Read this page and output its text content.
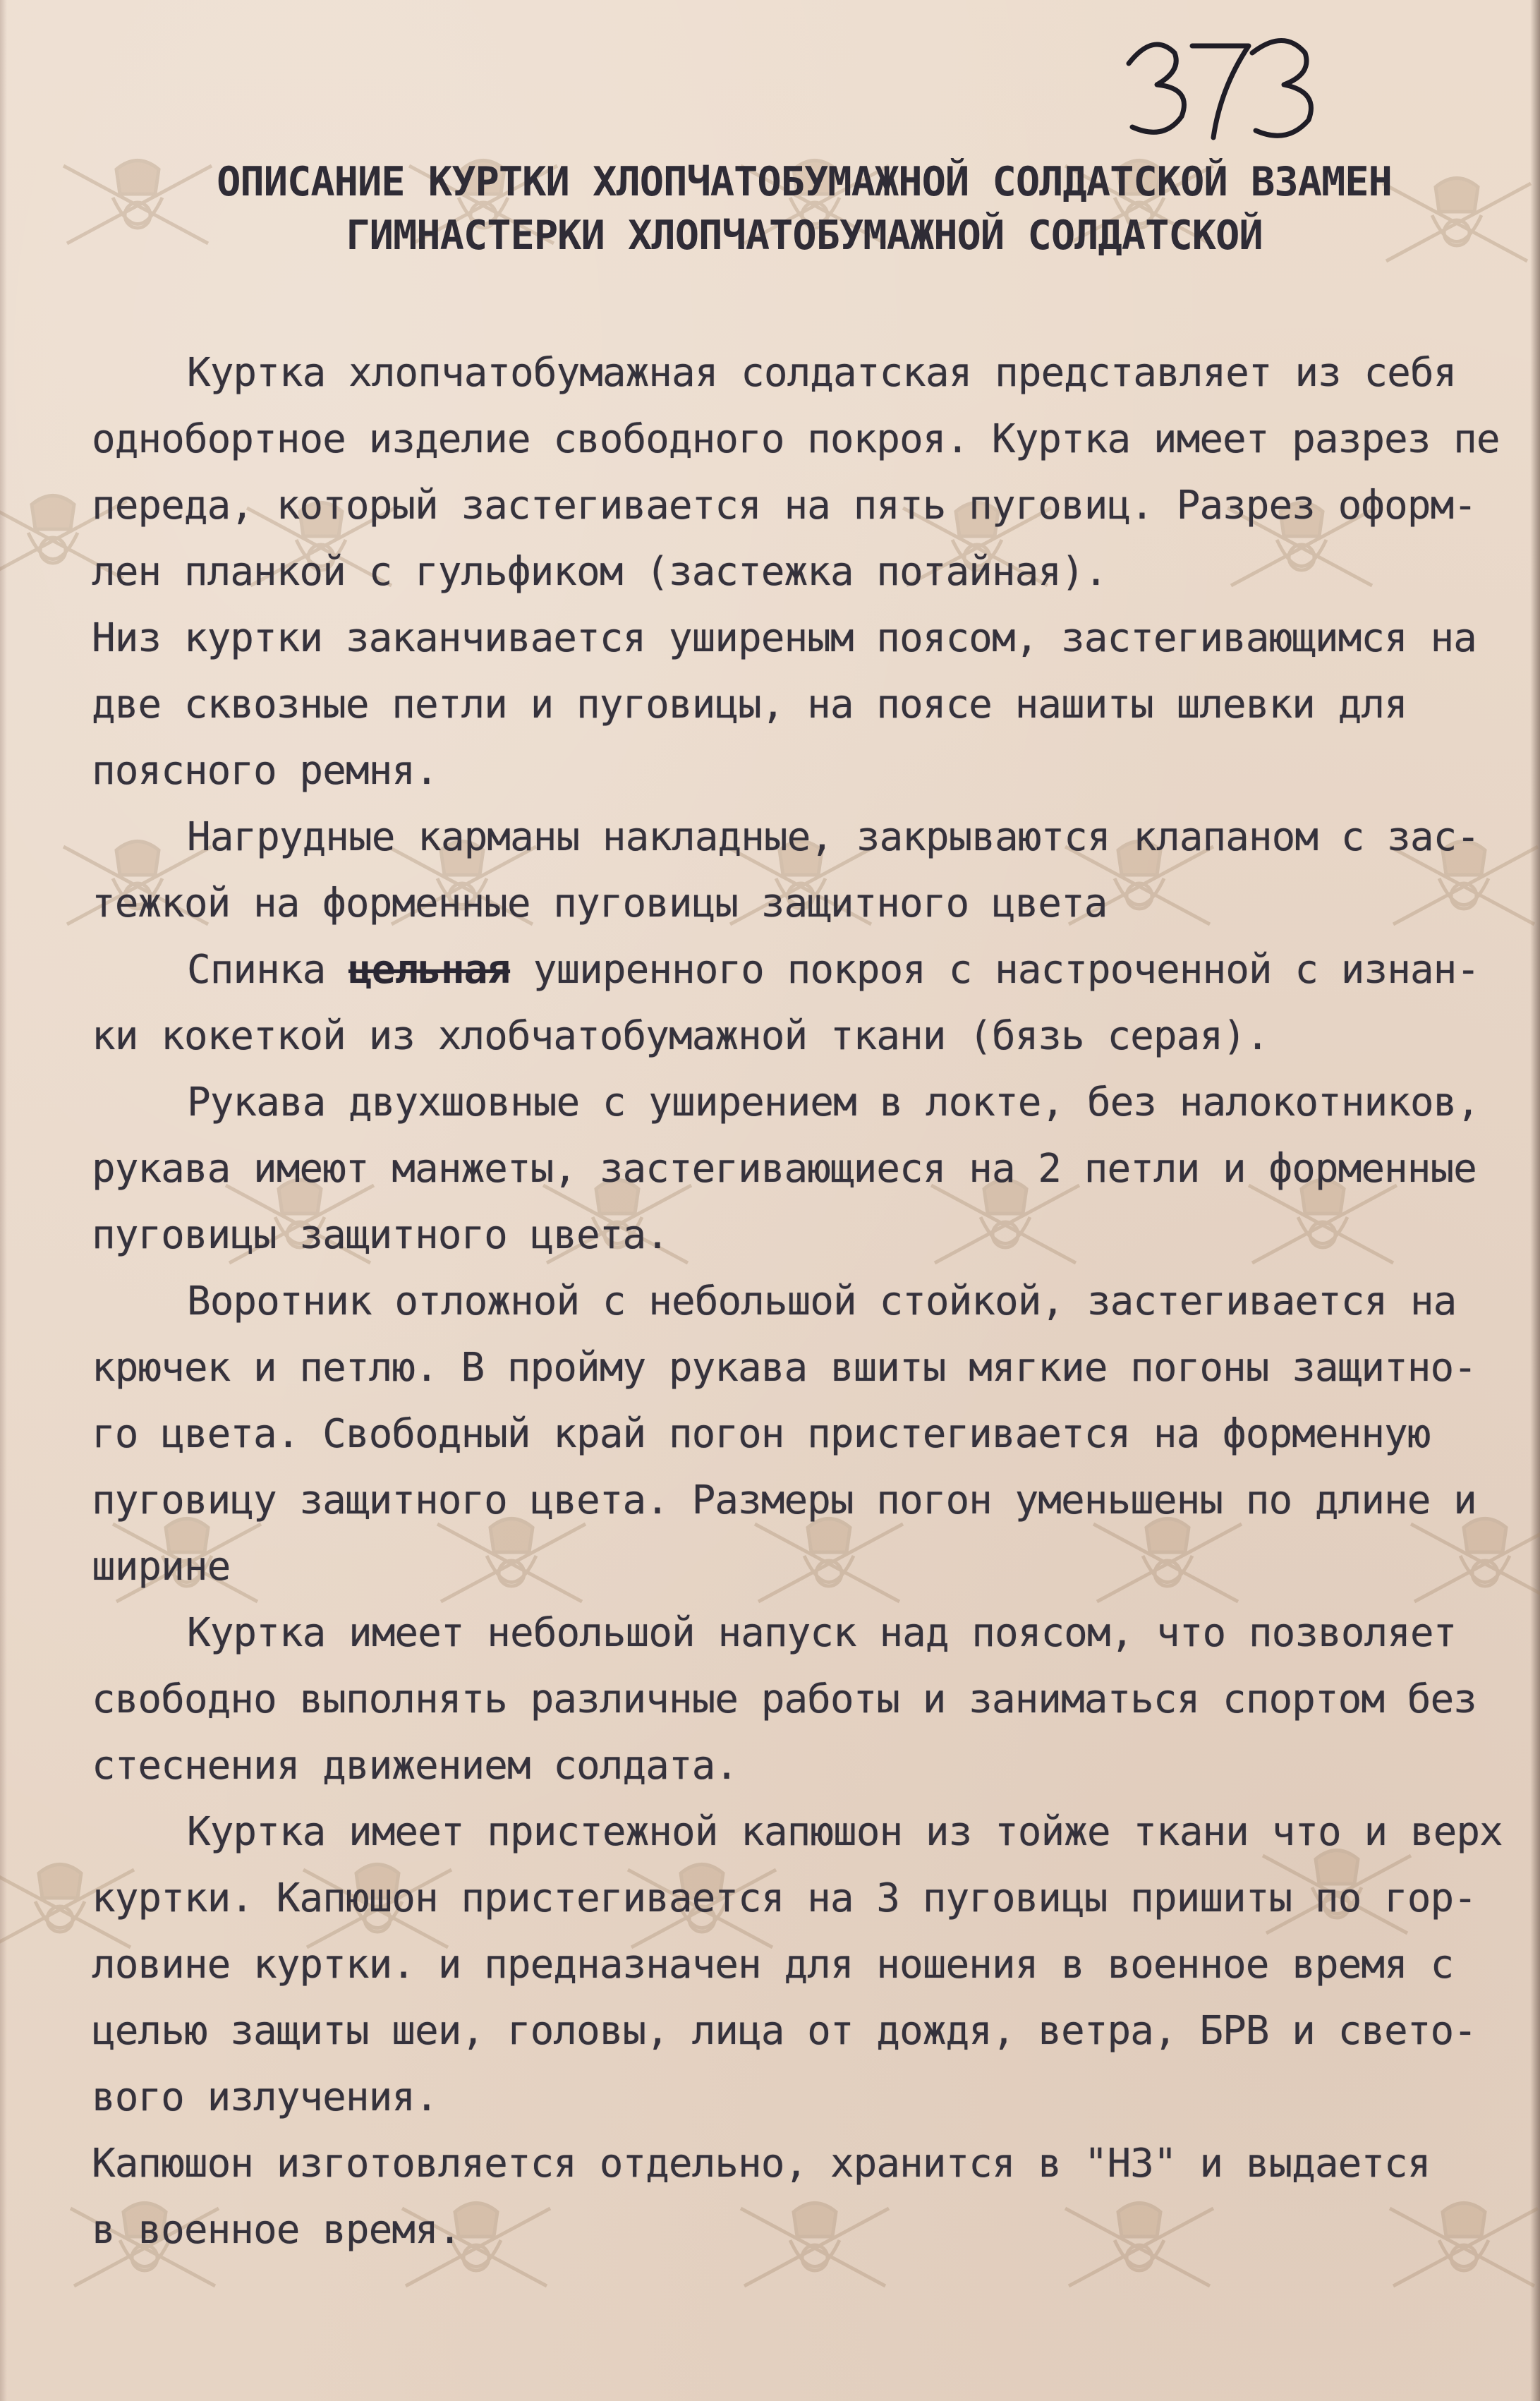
ОПИСАНИЕ КУРТКИ ХЛОПЧАТОБУМАЖНОЙ СОЛДАТСКОЙ ВЗАМЕН
ГИМНАСТЕРКИ ХЛОПЧАТОБУМАЖНОЙ СОЛДАТСКОЙ
Куртка хлопчатобумажная солдатская представляет из себя
однобортное изделие свободного покроя. Куртка имеет разрез пе
переда, который застегивается на пять пуговиц. Разрез оформ-
лен планкой с гульфиком (застежка потайная).
Низ куртки заканчивается уширеным поясом, застегивающимся на
две сквозные петли и пуговицы, на поясе нашиты шлевки для
поясного ремня.
Нагрудные карманы накладные, закрываются клапаном с зас-
тежкой на форменные пуговицы защитного цвета
Спинка цельная уширенного покроя с настроченной с изнан-
ки кокеткой из хлобчатобумажной ткани (бязь серая).
Рукава двухшовные с уширением в локте, без налокотников,
рукава имеют манжеты, застегивающиеся на 2 петли и форменные
пуговицы защитного цвета.
Воротник отложной с небольшой стойкой, застегивается на
крючек и петлю. В пройму рукава вшиты мягкие погоны защитно-
го цвета. Свободный край погон пристегивается на форменную
пуговицу защитного цвета. Размеры погон уменьшены по длине и
ширине
Куртка имеет небольшой напуск над поясом, что позволяет
свободно выполнять различные работы и заниматься спортом без
стеснения движением солдата.
Куртка имеет пристежной капюшон из тойже ткани что и верх
куртки. Капюшон пристегивается на 3 пуговицы пришиты по гор-
ловине куртки. и предназначен для ношения в военное время с
целью защиты шеи, головы, лица от дождя, ветра, БРВ и свето-
вого излучения.
Капюшон изготовляется отдельно, хранится в "НЗ" и выдается
в военное время.
